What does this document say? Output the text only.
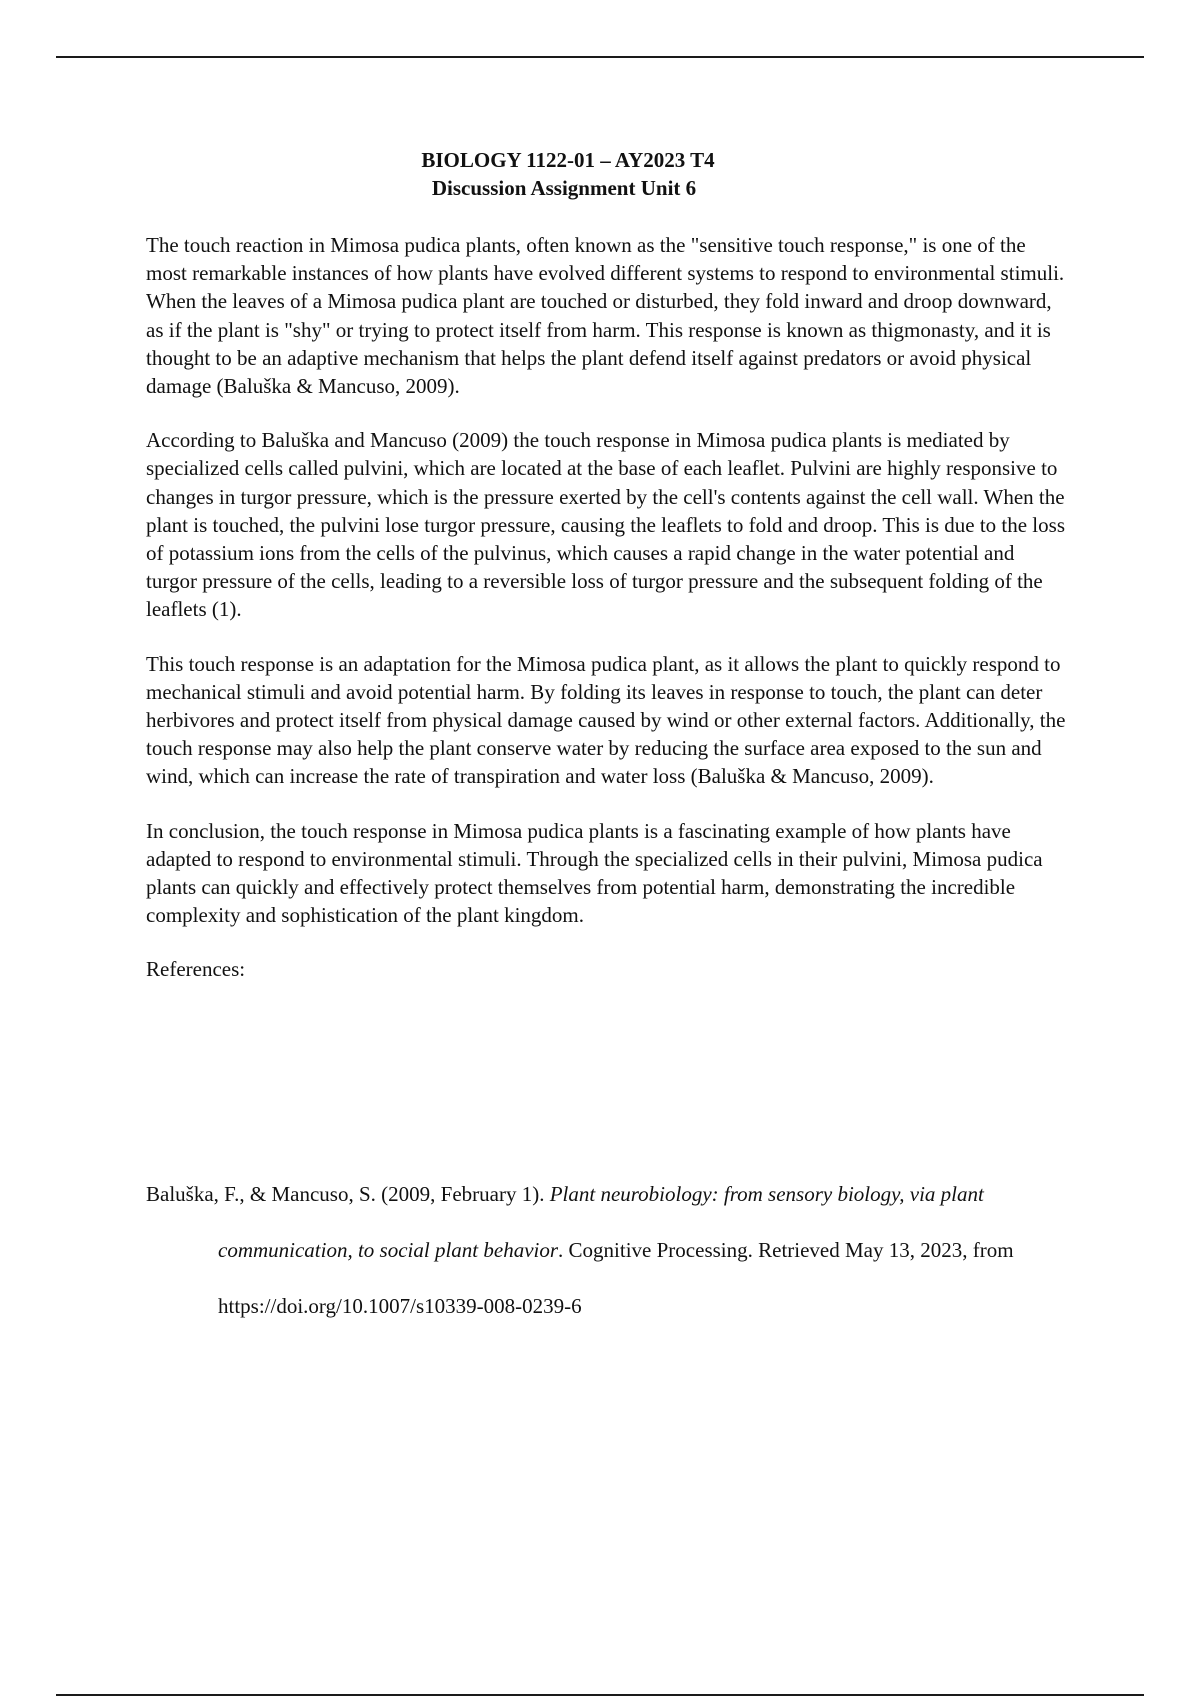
BIOLOGY 1122-01 – AY2023 T4
Discussion Assignment Unit 6

The touch reaction in Mimosa pudica plants, often known as the "sensitive touch response," is one of the most remarkable instances of how plants have evolved different systems to respond to environmental stimuli. When the leaves of a Mimosa pudica plant are touched or disturbed, they fold inward and droop downward, as if the plant is "shy" or trying to protect itself from harm. This response is known as thigmonasty, and it is thought to be an adaptive mechanism that helps the plant defend itself against predators or avoid physical damage (Baluška & Mancuso, 2009).

According to Baluška and Mancuso (2009) the touch response in Mimosa pudica plants is mediated by specialized cells called pulvini, which are located at the base of each leaflet. Pulvini are highly responsive to changes in turgor pressure, which is the pressure exerted by the cell's contents against the cell wall. When the plant is touched, the pulvini lose turgor pressure, causing the leaflets to fold and droop. This is due to the loss of potassium ions from the cells of the pulvinus, which causes a rapid change in the water potential and turgor pressure of the cells, leading to a reversible loss of turgor pressure and the subsequent folding of the leaflets (1).

This touch response is an adaptation for the Mimosa pudica plant, as it allows the plant to quickly respond to mechanical stimuli and avoid potential harm. By folding its leaves in response to touch, the plant can deter herbivores and protect itself from physical damage caused by wind or other external factors. Additionally, the touch response may also help the plant conserve water by reducing the surface area exposed to the sun and wind, which can increase the rate of transpiration and water loss (Baluška & Mancuso, 2009).

In conclusion, the touch response in Mimosa pudica plants is a fascinating example of how plants have adapted to respond to environmental stimuli. Through the specialized cells in their pulvini, Mimosa pudica plants can quickly and effectively protect themselves from potential harm, demonstrating the incredible complexity and sophistication of the plant kingdom.

References:

Baluška, F., & Mancuso, S. (2009, February 1). Plant neurobiology: from sensory biology, via plant communication, to social plant behavior. Cognitive Processing. Retrieved May 13, 2023, from https://doi.org/10.1007/s10339-008-0239-6
